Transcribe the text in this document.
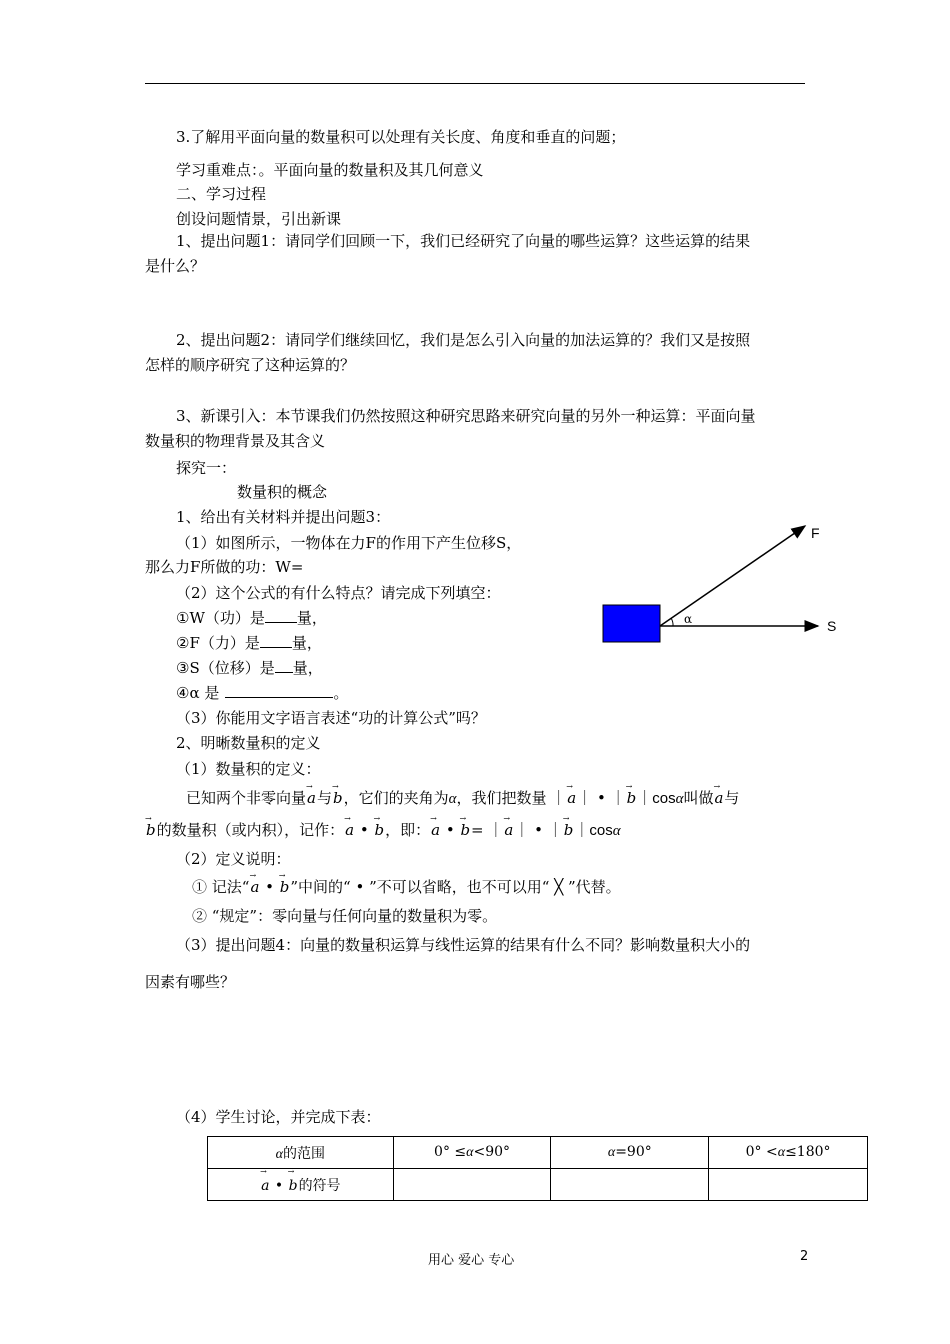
3.了解用平面向量的数量积可以处理有关长度、角度和垂直的问题；
学习重难点：。平面向量的数量积及其几何意义
二、学习过程
创设问题情景，引出新课
1、提出问题1：请同学们回顾一下，我们已经研究了向量的哪些运算？这些运算的结果
是什么？
2、提出问题2：请同学们继续回忆，我们是怎么引入向量的加法运算的？我们又是按照
怎样的顺序研究了这种运算的？
3、新课引入：本节课我们仍然按照这种研究思路来研究向量的另外一种运算：平面向量
数量积的物理背景及其含义
探究一：
数量积的概念
1、给出有关材料并提出问题3：
（1）如图所示，一物体在力F的作用下产生位移S，
那么力F所做的功：W=
（2）这个公式的有什么特点？请完成下列填空：
①W（功）是 量，
②F（力）是 量，
③S（位移）是 量，
④α 是	。
（3）你能用文字语言表述“功的计算公式”吗？
2、明晰数量积的定义
（1）数量积的定义：
已知两个非零向量→ a与→ b，它们的夹角为α，我们把数量 ｜→ a｜ • ｜→ b｜cosα叫做→ a与
→ b的数量积（或内积），记作：→ a • → b，即：→ a • → b= ｜→ a｜ • ｜→ b｜cosα
（2）定义说明：
① 记法“→ a • → b”中间的“ • ”不可以省略，也不可以用“ ╳ ”代替。
② “规定”：零向量与任何向量的数量积为零。
（3）提出问题4：向量的数量积运算与线性运算的结果有什么不同？影响数量积大小的
因素有哪些？
（4）学生讨论，并完成下表：
α
F
S
α的范围	0° ≤α<90°	α=90°	0° <α≤180°
→ a • → b的符号			
用心 爱心 专心	2
